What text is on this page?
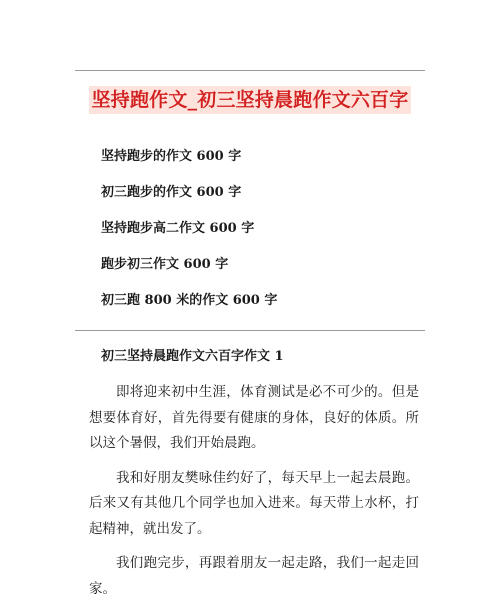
坚持跑作文_初三坚持晨跑作文六百字
坚持跑步的作文 600 字
初三跑步的作文 600 字
坚持跑步高二作文 600 字
跑步初三作文 600 字
初三跑 800 米的作文 600 字
初三坚持晨跑作文六百字作文 1

即将迎来初中生涯，体育测试是必不可少的。但是想要体育好，首先得要有健康的身体，良好的体质。所以这个暑假，我们开始晨跑。

我和好朋友樊咏佳约好了，每天早上一起去晨跑。后来又有其他几个同学也加入进来。每天带上水杯，打起精神，就出发了。

我们跑完步，再跟着朋友一起走路，我们一起走回家。
